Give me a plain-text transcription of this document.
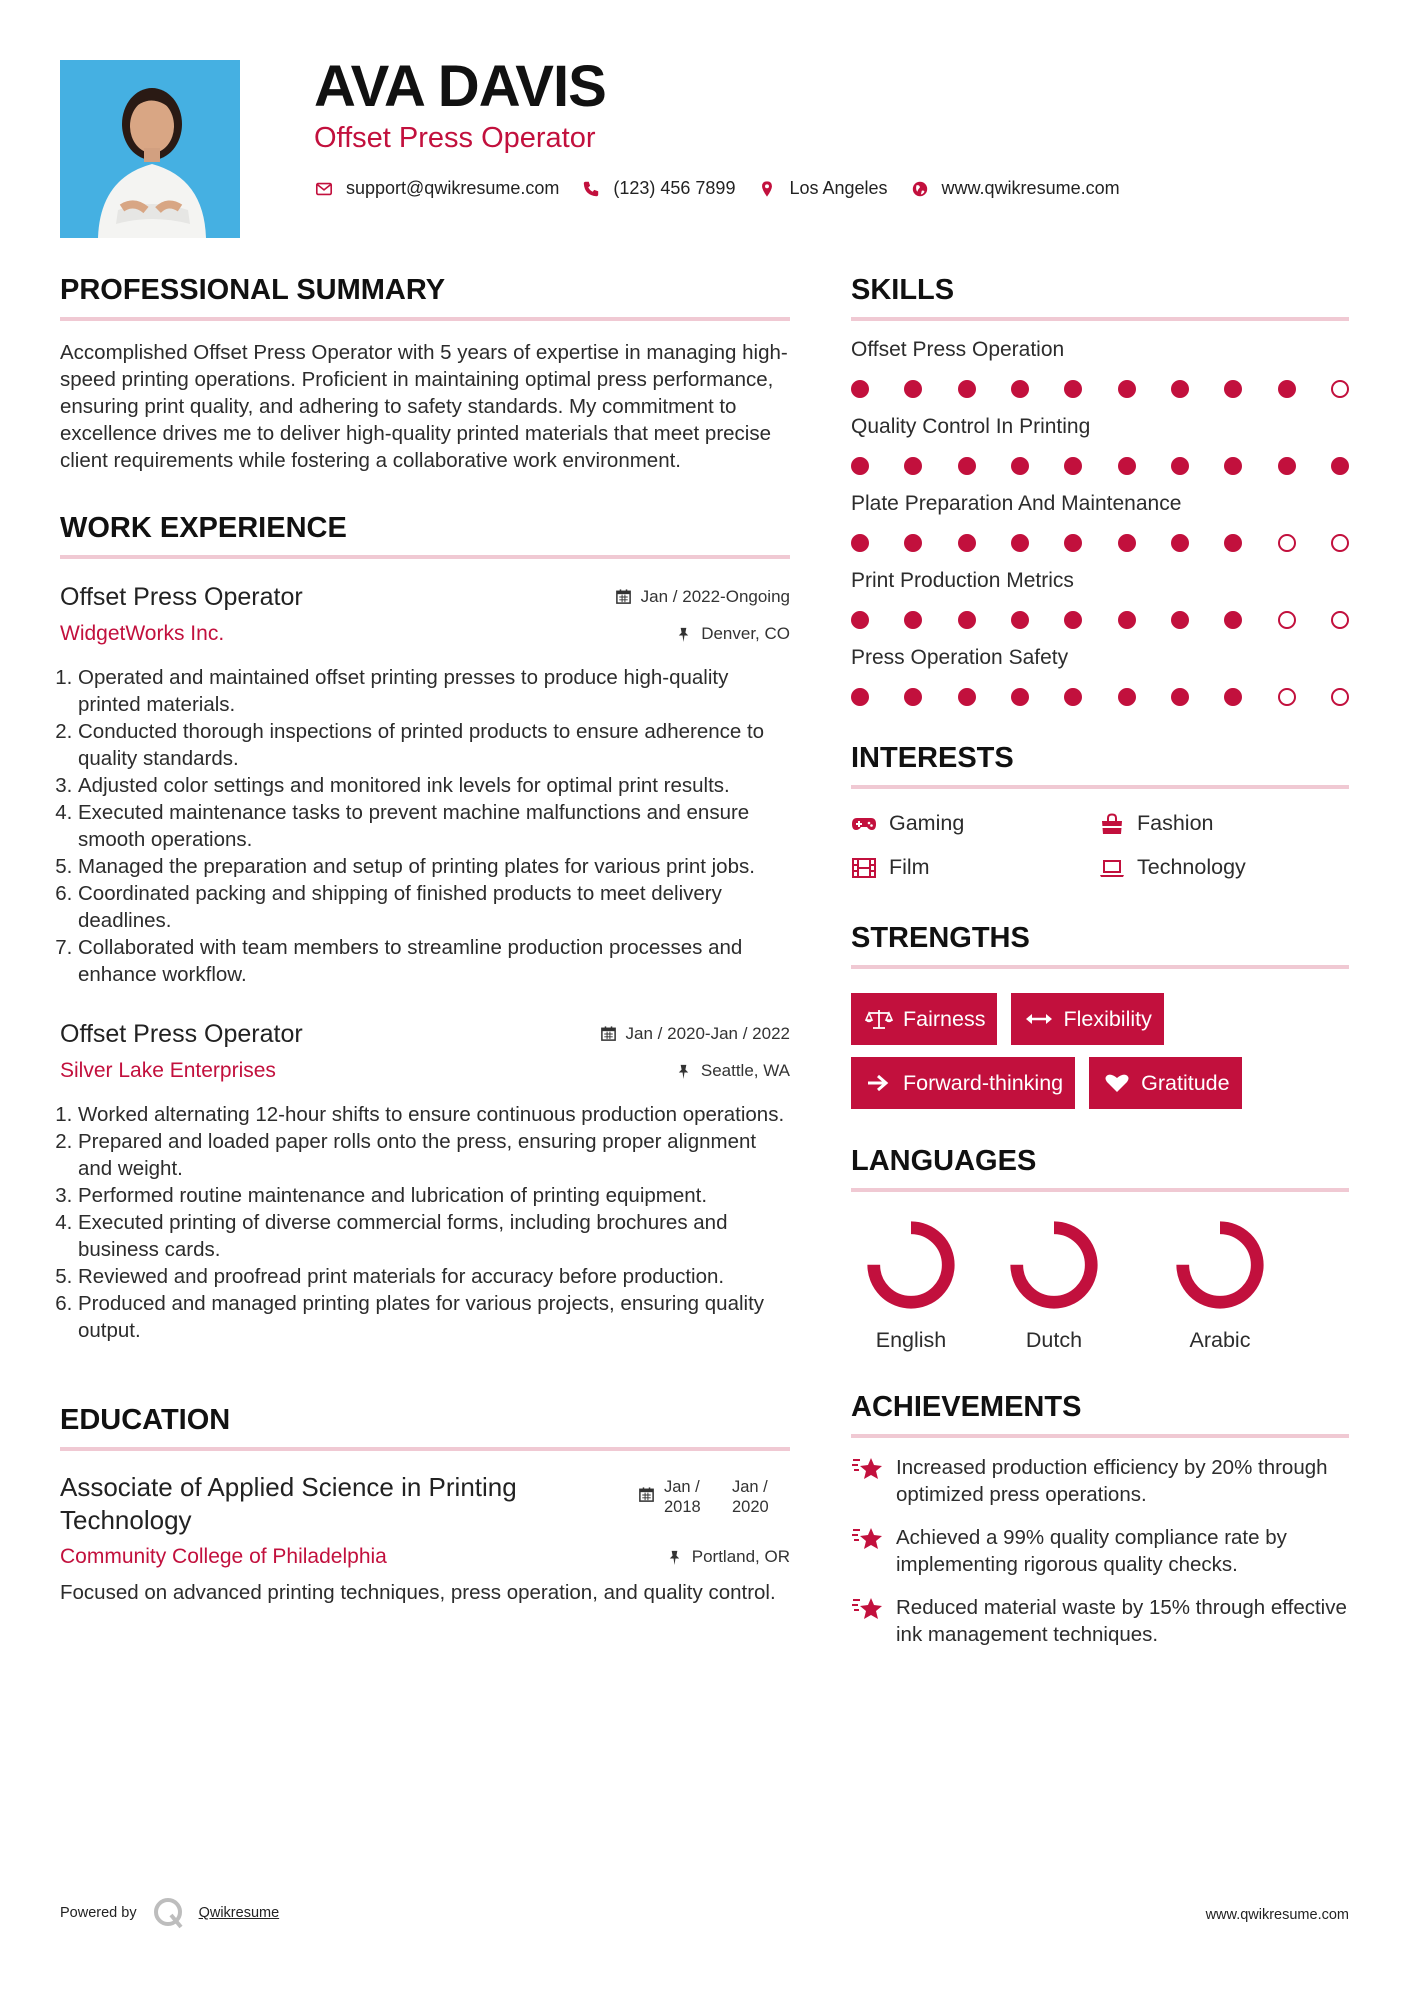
AVA DAVIS
Offset Press Operator
support@qwikresume.com	(123) 456 7899	Los Angeles	www.qwikresume.com
PROFESSIONAL SUMMARY

Accomplished Offset Press Operator with 5 years of expertise in managing high-speed printing operations. Proficient in maintaining optimal press performance, ensuring print quality, and adhering to safety standards. My commitment to excellence drives me to deliver high-quality printed materials that meet precise client requirements while fostering a collaborative work environment.

WORK EXPERIENCE
Offset Press Operator	Jan / 2022-Ongoing
WidgetWorks Inc.	Denver, CO
1. Operated and maintained offset printing presses to produce high-quality printed materials.
2. Conducted thorough inspections of printed products to ensure adherence to quality standards.
3. Adjusted color settings and monitored ink levels for optimal print results.
4. Executed maintenance tasks to prevent machine malfunctions and ensure smooth operations.
5. Managed the preparation and setup of printing plates for various print jobs.
6. Coordinated packing and shipping of finished products to meet delivery deadlines.
7. Collaborated with team members to streamline production processes and enhance workflow.
Offset Press Operator	Jan / 2020-Jan / 2022
Silver Lake Enterprises	Seattle, WA
1. Worked alternating 12-hour shifts to ensure continuous production operations.
2. Prepared and loaded paper rolls onto the press, ensuring proper alignment and weight.
3. Performed routine maintenance and lubrication of printing equipment.
4. Executed printing of diverse commercial forms, including brochures and business cards.
5. Reviewed and proofread print materials for accuracy before production.
6. Produced and managed printing plates for various projects, ensuring quality output.
EDUCATION
Associate of Applied Science in Printing Technology
Jan / 2018
Jan / 2020
Community College of Philadelphia	Portland, OR

Focused on advanced printing techniques, press operation, and quality control.

SKILLS
Offset Press Operation
Quality Control In Printing
Plate Preparation And Maintenance
Print Production Metrics
Press Operation Safety
INTERESTS
Gaming	Fashion
Film	Technology
STRENGTHS
Fairness	Flexibility
Forward-thinking	Gratitude
LANGUAGES
English	Dutch	Arabic
ACHIEVEMENTS
Increased production efficiency by 20% through optimized press operations.
Achieved a 99% quality compliance rate by implementing rigorous quality checks.
Reduced material waste by 15% through effective ink management techniques.
Powered by	Qwikresume	www.qwikresume.com
